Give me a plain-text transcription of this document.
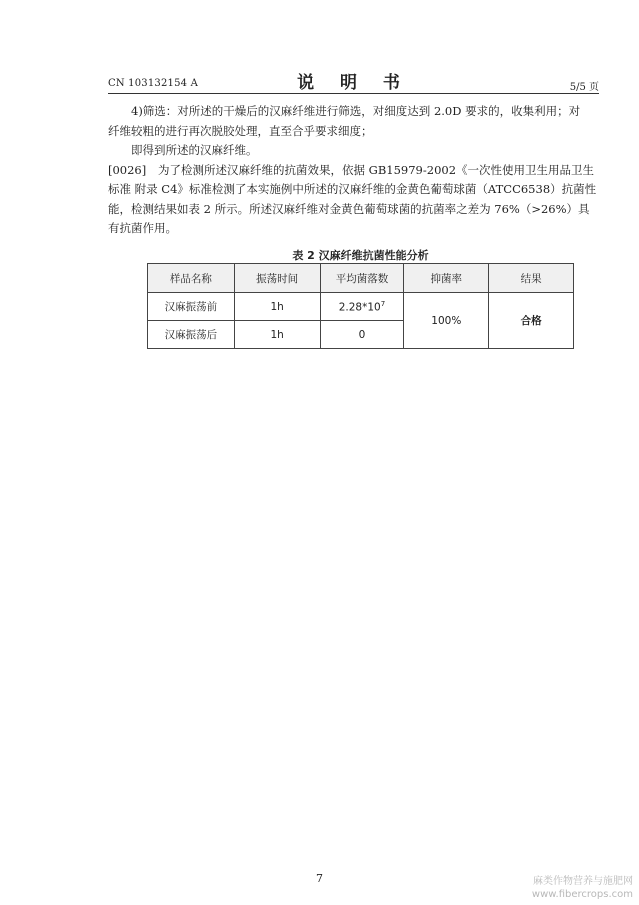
CN 103132154 A	说 明 书	5/5 页

4)筛选：对所述的干燥后的汉麻纤维进行筛选，对细度达到 2.0D 要求的，收集利用；对

纤维较粗的进行再次脱胶处理，直至合乎要求细度；

即得到所述的汉麻纤维。

[0026] 为了检测所述汉麻纤维的抗菌效果，依据 GB15979-2002《一次性使用卫生用品卫生标准 附录 C4》标准检测了本实施例中所述的汉麻纤维的金黄色葡萄球菌（ATCC6538）抗菌性能，检测结果如表 2 所示。所述汉麻纤维对金黄色葡萄球菌的抗菌率之差为 76%（>26%）具有抗菌作用。

表 2 汉麻纤维抗菌性能分析
样品名称	振荡时间	平均菌落数	抑菌率	结果
汉麻振荡前	1h	$2.28*10^7$	100%	合格
汉麻振荡后	1h	0		
7	麻类作物营养与施肥网
www.fibercrops.com
